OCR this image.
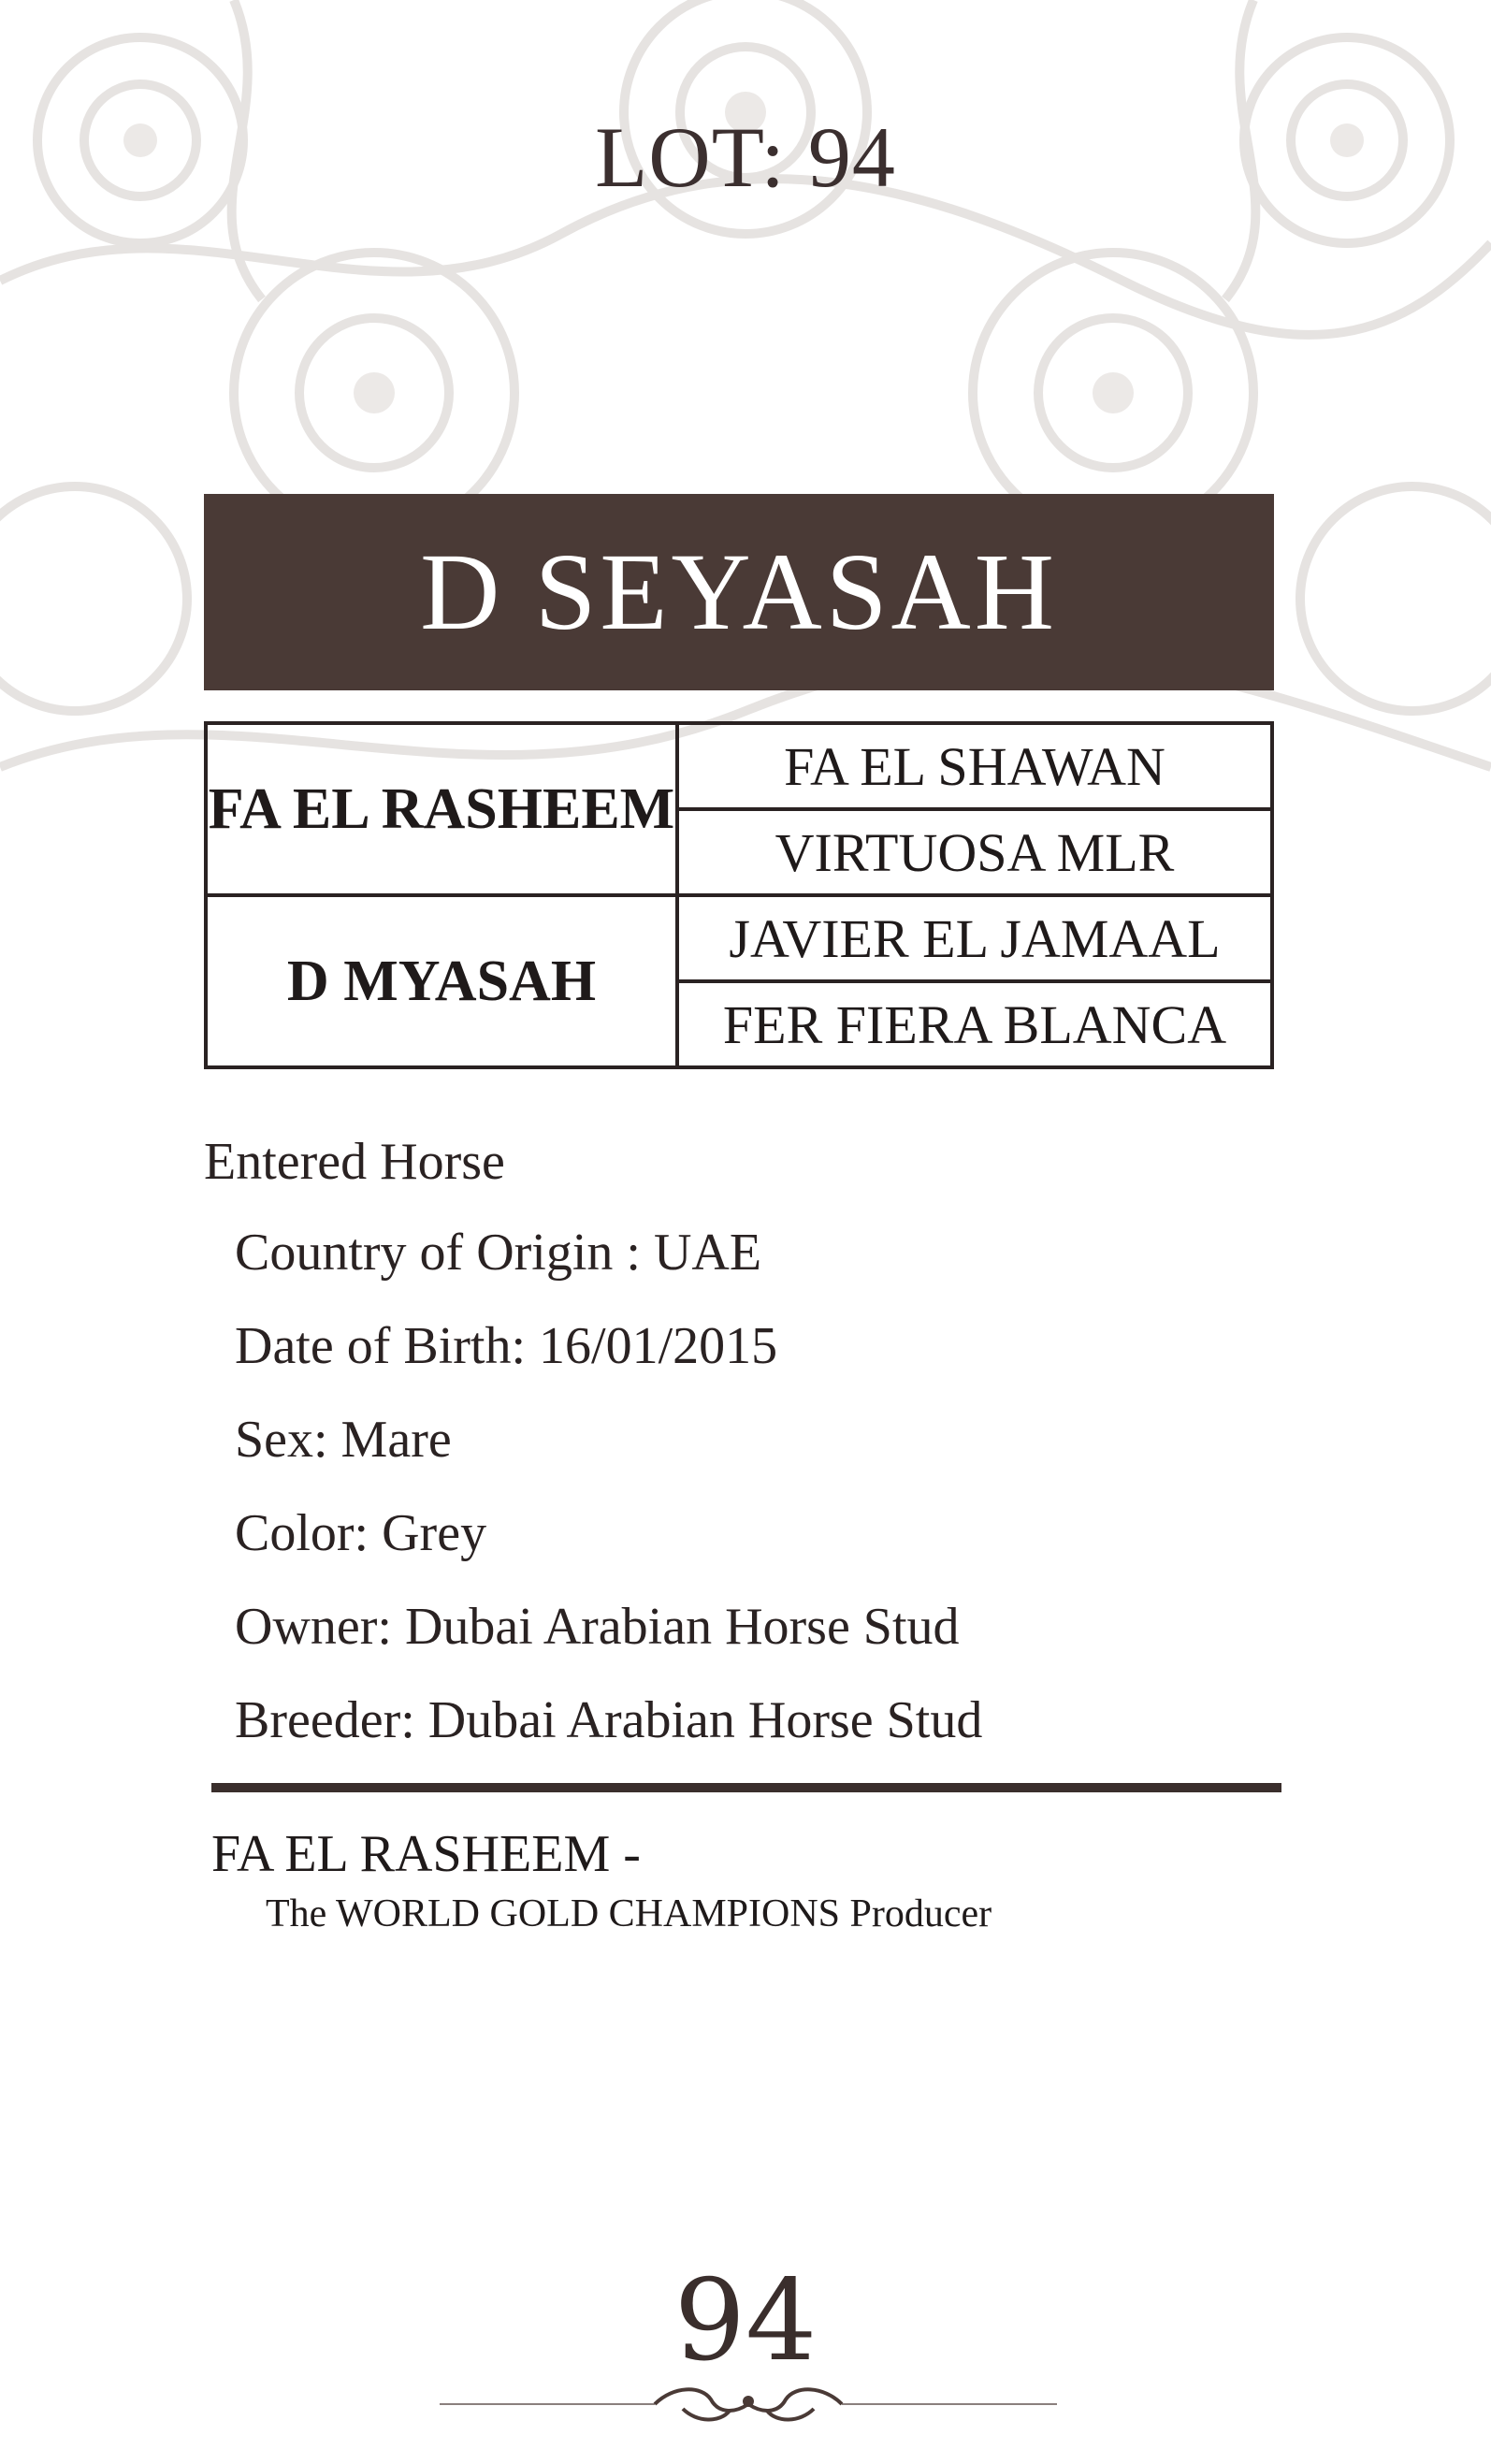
LOT: 94
D SEYASAH
FA EL RASHEEM	FA EL SHAWAN
	VIRTUOSA MLR
D MYASAH	JAVIER EL JAMAAL
	FER FIERA BLANCA
Entered Horse
Country of Origin : UAE
Date of Birth: 16/01/2015
Sex: Mare
Color: Grey
Owner: Dubai Arabian Horse Stud
Breeder: Dubai Arabian Horse Stud
FA EL RASHEEM -
The WORLD GOLD CHAMPIONS Producer
94
